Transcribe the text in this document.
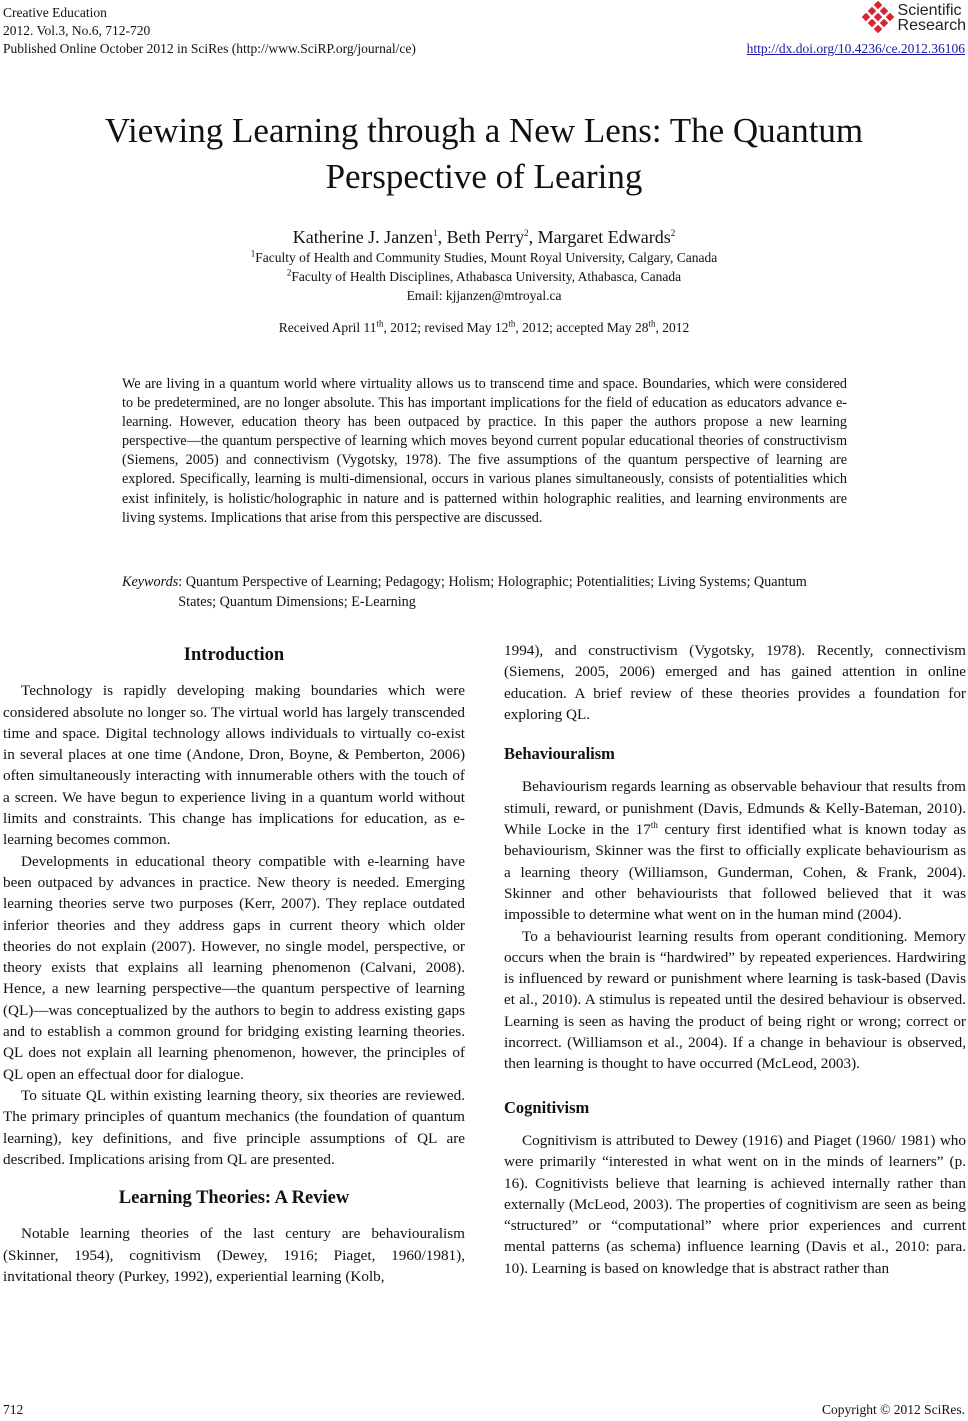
Creative Education
2012. Vol.3, No.6, 712-720
Published Online October 2012 in SciRes (http://www.SciRP.org/journal/ce)	http://dx.doi.org/10.4236/ce.2012.36106
Scientific
Research
Viewing Learning through a New Lens: The Quantum
Perspective of Learing
Katherine J. Janzen$^1$, Beth Perry$^2$, Margaret Edwards$^2$
$^1$Faculty of Health and Community Studies, Mount Royal University, Calgary, Canada
$^2$Faculty of Health Disciplines, Athabasca University, Athabasca, Canada
Email: kjjanzen@mtroyal.ca
Received April 11th, 2012; revised May 12th, 2012; accepted May 28th, 2012
We are living in a quantum world where virtuality allows us to transcend time and space. Boundaries, which were considered to be predetermined, are no longer absolute. This has important implications for the field of education as educators advance e-learning. However, education theory has been outpaced by practice. In this paper the authors propose a new learning perspective—the quantum perspective of learning which moves beyond current popular educational theories of constructivism (Siemens, 2005) and connectivism (Vygotsky, 1978). The five assumptions of the quantum perspective of learning are explored. Specifically, learning is multi-dimensional, occurs in various planes simultaneously, consists of potentialities which exist infinitely, is holistic/holographic in nature and is patterned within holographic realities, and learning environments are living systems. Implications that arise from this perspective are discussed.
Keywords : Quantum Perspective of Learning; Pedagogy; Holism; Holographic; Potentialities; Living Systems; Quantum States; Quantum Dimensions; E-Learning
Introduction

Technology is rapidly developing making boundaries which were considered absolute no longer so. The virtual world has largely transcended time and space. Digital technology allows individuals to virtually co-exist in several places at one time (Andone, Dron, Boyne, & Pemberton, 2006) often simultaneously interacting with innumerable others with the touch of a screen. We have begun to experience living in a quantum world without limits and constraints. This change has implications for education, as e-learning becomes common.

Developments in educational theory compatible with e-learning have been outpaced by advances in practice. New theory is needed. Emerging learning theories serve two purposes (Kerr, 2007). They replace outdated inferior theories and they address gaps in current theory which older theories do not explain (2007). However, no single model, perspective, or theory exists that explains all learning phenomenon (Calvani, 2008). Hence, a new learning perspective—the quantum perspective of learning (QL)—was conceptualized by the authors to begin to address existing gaps and to establish a common ground for bridging existing learning theories. QL does not explain all learning phenomenon, however, the principles of QL open an effectual door for dialogue.

To situate QL within existing learning theory, six theories are reviewed. The primary principles of quantum mechanics (the foundation of quantum learning), key definitions, and five principle assumptions of QL are described. Implications arising from QL are presented.

Learning Theories: A Review

Notable learning theories of the last century are behaviouralism (Skinner, 1954), cognitivism (Dewey, 1916; Piaget, 1960/1981), invitational theory (Purkey, 1992), experiential learning (Kolb,

1994), and constructivism (Vygotsky, 1978). Recently, connectivism (Siemens, 2005, 2006) emerged and has gained attention in online education. A brief review of these theories provides a foundation for exploring QL.

Behaviouralism

Behaviourism regards learning as observable behaviour that results from stimuli, reward, or punishment (Davis, Edmunds & Kelly-Bateman, 2010). While Locke in the 17th century first identified what is known today as behaviourism, Skinner was the first to officially explicate behaviourism as a learning theory (Williamson, Gunderman, Cohen, & Frank, 2004). Skinner and other behaviourists that followed believed that it was impossible to determine what went on in the human mind (2004).

To a behaviourist learning results from operant conditioning. Memory occurs when the brain is “hardwired” by repeated experiences. Hardwiring is influenced by reward or punishment where learning is task-based (Davis et al., 2010). A stimulus is repeated until the desired behaviour is observed. Learning is seen as having the product of being right or wrong; correct or incorrect. (Williamson et al., 2004). If a change in behaviour is observed, then learning is thought to have occurred (McLeod, 2003).

Cognitivism

Cognitivism is attributed to Dewey (1916) and Piaget (1960/ 1981) who were primarily “interested in what went on in the minds of learners” (p. 16). Cognitivists believe that learning is achieved internally rather than externally (McLeod, 2003). The properties of cognitivism are seen as being “structured” or “computational” where prior experiences and current mental patterns (as schema) influence learning (Davis et al., 2010: para. 10). Learning is based on knowledge that is abstract rather than

712	Copyright © 2012 SciRes.
